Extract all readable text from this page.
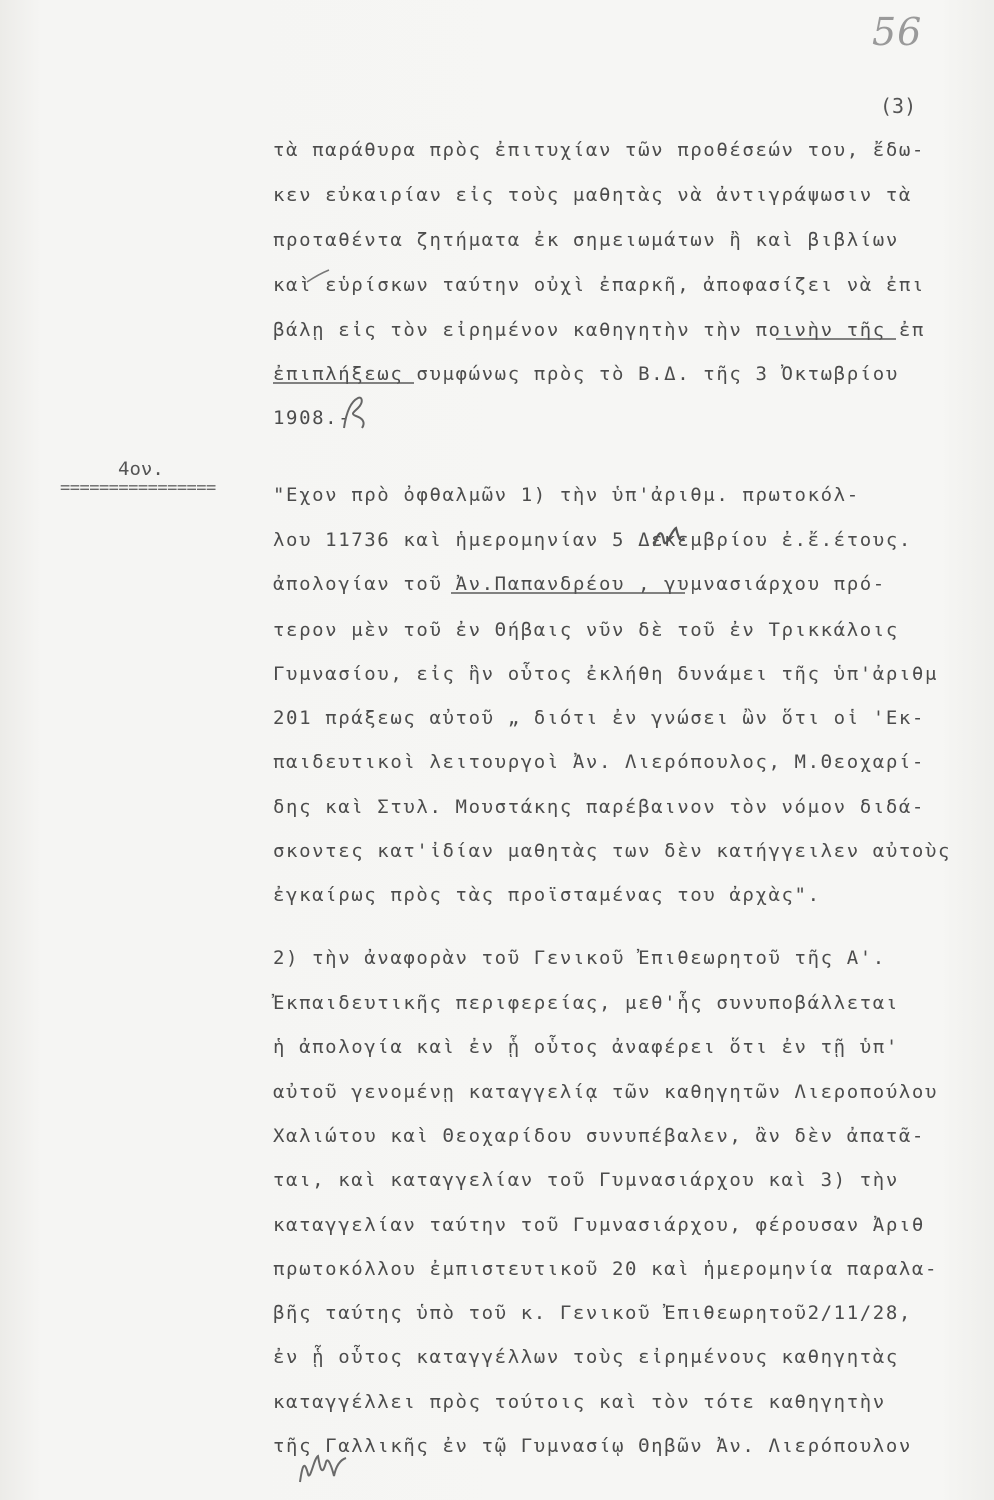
56
(3)
4ον.
================
τὰ παράθυρα πρὸς ἐπιτυχίαν τῶν προθέσεών του, ἔδω-
κεν εὐκαιρίαν εἰς τοὺς μαθητὰς νὰ ἀντιγράψωσιν τὰ
προταθέντα ζητήματα ἐκ σημειωμάτων ἢ καὶ βιβλίων
καὶ εὑρίσκων ταύτην οὐχὶ ἐπαρκῆ, ἀποφασίζει νὰ ἐπι
βάλῃ εἰς τὸν εἰρημένον καθηγητὴν τὴν ποινὴν τῆς ἐπ
ἐπιπλήξεως συμφώνως πρὸς τὸ Β.Δ. τῆς 3 Ὀκτωβρίου
1908.-
"Εχον πρὸ ὀφθαλμῶν 1) τὴν ὑπ'ἀριθμ. πρωτοκόλ-
λου 11736 καὶ ἡμερομηνίαν 5 Δεκεμβρίου ἐ.ἔ.έτους.
ἀπολογίαν τοῦ Ἀν.Παπανδρέου , γυμνασιάρχου πρό-
τερον μὲν τοῦ ἐν Θήβαις νῦν δὲ τοῦ ἐν Τρικκάλοις
Γυμνασίου, εἰς ἣν οὗτος ἐκλήθη δυνάμει τῆς ὑπ'ἀριθμ
201 πράξεως αὐτοῦ „ διότι ἐν γνώσει ὢν ὅτι οἱ 'Εκ-
παιδευτικοὶ λειτουργοὶ Ἀν. Λιερόπουλος, Μ.Θεοχαρί-
δης καὶ Στυλ. Μουστάκης παρέβαινον τὸν νόμον διδά-
σκοντες κατ'ἰδίαν μαθητὰς των δὲν κατήγγειλεν αὐτοὺς
ἐγκαίρως πρὸς τὰς προϊσταμένας του ἀρχὰς".
2) τὴν ἀναφορὰν τοῦ Γενικοῦ Ἐπιθεωρητοῦ τῆς Α'.
Ἐκπαιδευτικῆς περιφερείας, μεθ'ἧς συνυποβάλλεται
ἡ ἀπολογία καὶ ἐν ᾗ οὗτος ἀναφέρει ὅτι ἐν τῇ ὑπ'
αὐτοῦ γενομένῃ καταγγελίᾳ τῶν καθηγητῶν Λιεροπούλου
Χαλιώτου καὶ Θεοχαρίδου συνυπέβαλεν, ἂν δὲν ἀπατᾶ-
ται, καὶ καταγγελίαν τοῦ Γυμνασιάρχου καὶ 3) τὴν
καταγγελίαν ταύτην τοῦ Γυμνασιάρχου, φέρουσαν Ἀριθ
πρωτοκόλλου ἐμπιστευτικοῦ 20 καὶ ἡμερομηνία παραλα-
βῆς ταύτης ὑπὸ τοῦ κ. Γενικοῦ Ἐπιθεωρητοῦ2/11/28,
ἐν ᾗ οὗτος καταγγέλλων τοὺς εἰρημένους καθηγητὰς
καταγγέλλει πρὸς τούτοις καὶ τὸν τότε καθηγητὴν
τῆς Γαλλικῆς ἐν τῷ Γυμνασίῳ Θηβῶν Ἀν. Λιερόπουλον
